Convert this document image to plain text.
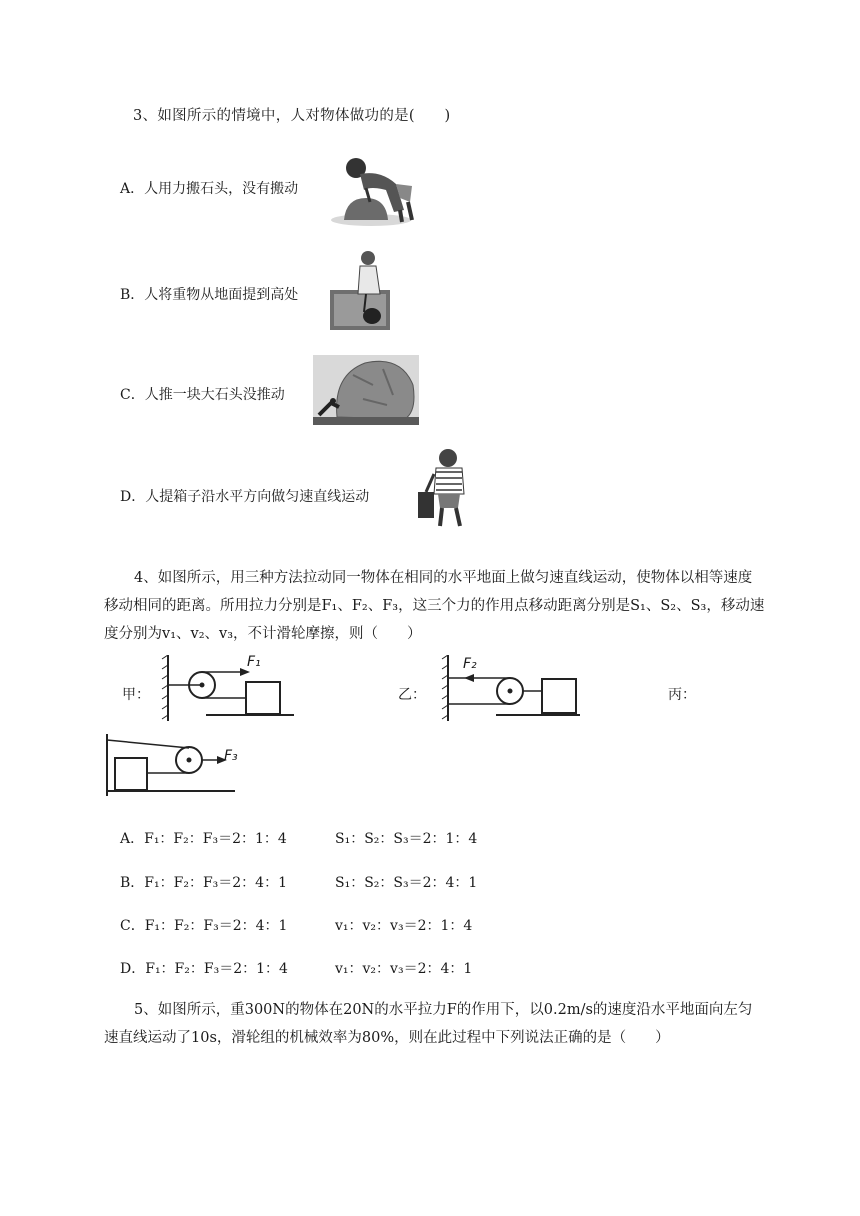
3、如图所示的情境中，人对物体做功的是(　　)
A．人用力搬石头，没有搬动
B．人将重物从地面提到高处
C．人推一块大石头没推动
D．人提箱子沿水平方向做匀速直线运动
4、如图所示，用三种方法拉动同一物体在相同的水平地面上做匀速直线运动，使物体以相等速度
移动相同的距离。所用拉力分别是F₁、F₂、F₃，这三个力的作用点移动距离分别是S₁、S₂、S₃，移动速
度分别为v₁、v₂、v₃，不计滑轮摩擦，则（　　）
甲：
F₁
乙：
F₂
丙：
F₃
A．F₁：F₂：F₃＝2：1：4	S₁：S₂：S₃＝2：1：4
B．F₁：F₂：F₃＝2：4：1	S₁：S₂：S₃＝2：4：1
C．F₁：F₂：F₃＝2：4：1	v₁：v₂：v₃＝2：1：4
D．F₁：F₂：F₃＝2：1：4	v₁：v₂：v₃＝2：4：1
5、如图所示，重300N的物体在20N的水平拉力F的作用下，以0.2m/s的速度沿水平地面向左匀
速直线运动了10s，滑轮组的机械效率为80%，则在此过程中下列说法正确的是（　　）
